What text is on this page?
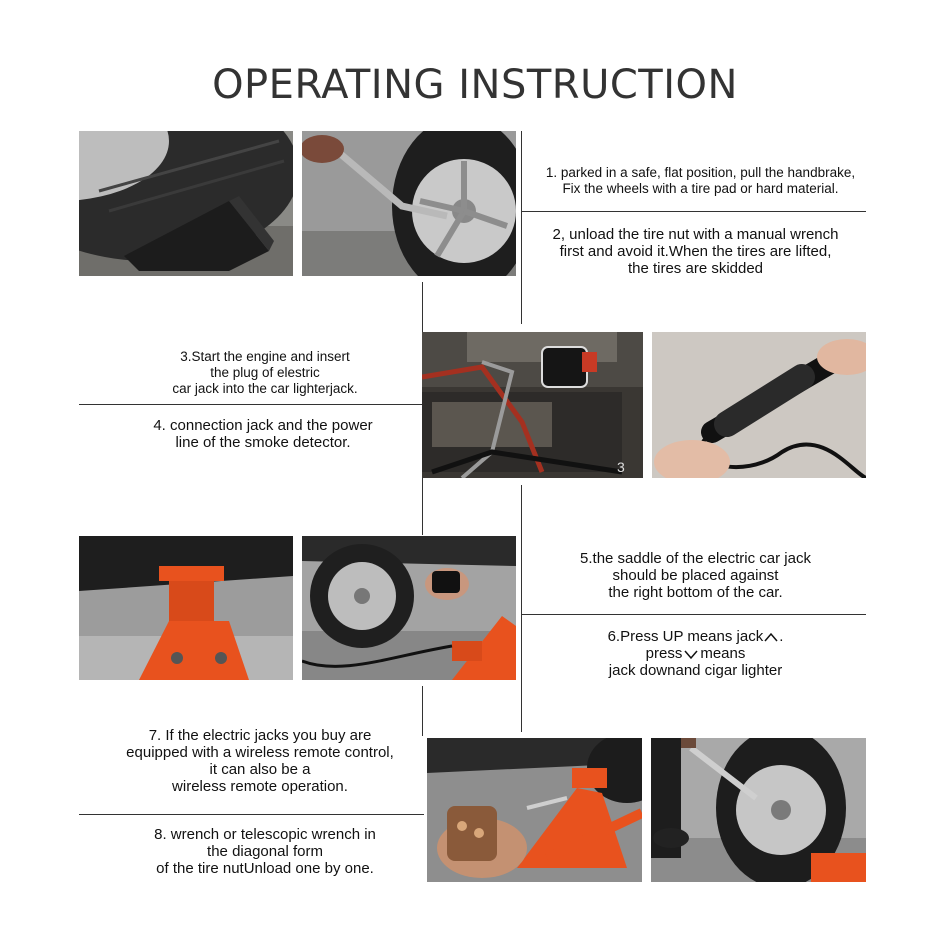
OPERATING INSTRUCTION
1. parked in a safe, flat position, pull the handbrake,
Fix the wheels with a tire pad or hard material.
2, unload the tire nut with a manual wrench
first and avoid it.When the tires are lifted,
the tires are skidded
3.Start the engine and insert
the plug of elestric
car jack into the car lighterjack.
4. connection jack and the power
line of the smoke detector.
3
5.the saddle of the electric car jack
should be placed against
the right bottom of the car.
6.Press UP means jack .
press means
jack downand cigar lighter
7. If the electric jacks you buy are
equipped with a wireless remote control,
it can also be a
wireless remote operation.
8. wrench or telescopic wrench in
the diagonal form
of the tire nutUnload one by one.
